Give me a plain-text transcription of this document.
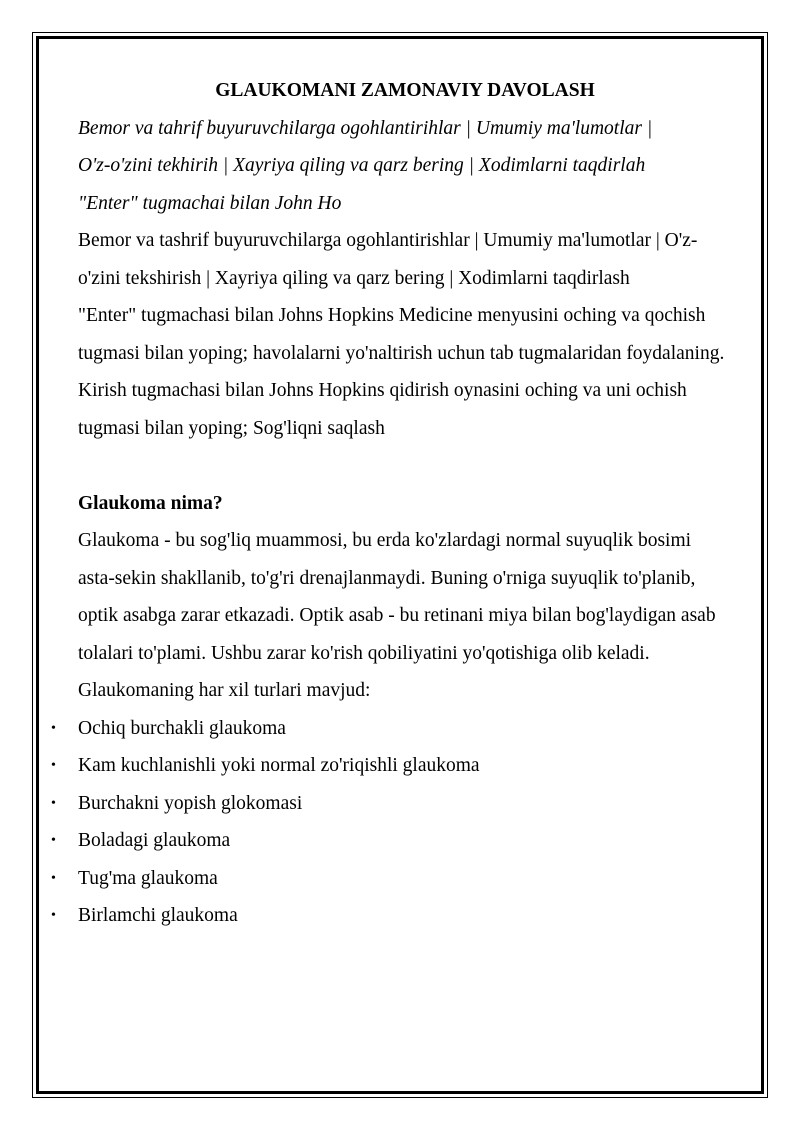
GLAUKOMANI ZAMONAVIY DAVOLASH

Bemor va tahrif buyuruvchilarga ogohlantirihlar | Umumiy ma'lumotlar |

O'z-o'zini tekhirih | Xayriya qiling va qarz bering | Xodimlarni taqdirlah

"Enter" tugmachai bilan John Ho

Bemor va tashrif buyuruvchilarga ogohlantirishlar | Umumiy ma'lumotlar | O'z-o'zini tekshirish | Xayriya qiling va qarz bering | Xodimlarni taqdirlash

"Enter" tugmachasi bilan Johns Hopkins Medicine menyusini oching va qochish tugmasi bilan yoping; havolalarni yo'naltirish uchun tab tugmalaridan foydalaning. Kirish tugmachasi bilan Johns Hopkins qidirish oynasini oching va uni ochish tugmasi bilan yoping; Sog'liqni saqlash

Glaukoma nima?

Glaukoma - bu sog'liq muammosi, bu erda ko'zlardagi normal suyuqlik bosimi asta-sekin shakllanib, to'g'ri drenajlanmaydi. Buning o'rniga suyuqlik to'planib, optik asabga zarar etkazadi. Optik asab - bu retinani miya bilan bog'laydigan asab tolalari to'plami. Ushbu zarar ko'rish qobiliyatini yo'qotishiga olib keladi.

Glaukomaning har xil turlari mavjud:

• Ochiq burchakli glaukoma
• Kam kuchlanishli yoki normal zo'riqishli glaukoma
• Burchakni yopish glokomasi
• Boladagi glaukoma
• Tug'ma glaukoma
• Birlamchi glaukoma
